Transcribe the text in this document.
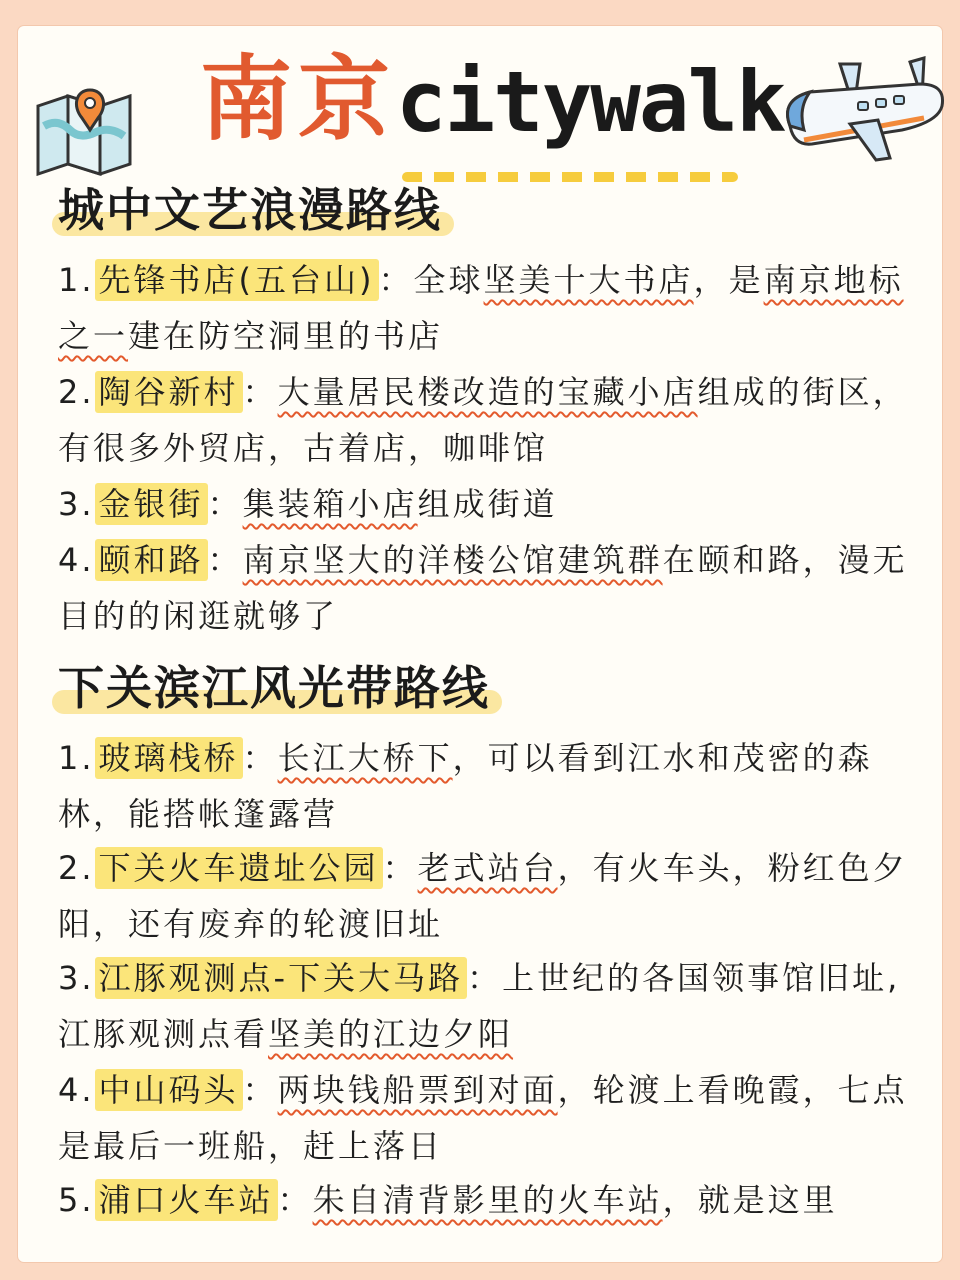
南京citywalk
城中文艺浪漫路线
1. 先锋书店(五台山) ：全球坚美十大书店，是南京地标之一建在防空洞里的书店
2. 陶谷新村 ：大量居民楼改造的宝藏小店组成的街区，有很多外贸店，古着店，咖啡馆
3. 金银街 ：集装箱小店组成街道
4. 颐和路 ：南京坚大的洋楼公馆建筑群在颐和路，漫无目的的闲逛就够了
下关滨江风光带路线
1. 玻璃栈桥 ：长江大桥下，可以看到江水和茂密的森林，能搭帐篷露营
2. 下关火车遗址公园 ：老式站台，有火车头，粉红色夕阳，还有废弃的轮渡旧址
3. 江豚观测点-下关大马路 ：上世纪的各国领事馆旧址,江豚观测点看坚美的江边夕阳
4. 中山码头 ：两块钱船票到对面，轮渡上看晚霞，七点是最后一班船，赶上落日
5. 浦口火车站 ：朱自清背影里的火车站，就是这里
